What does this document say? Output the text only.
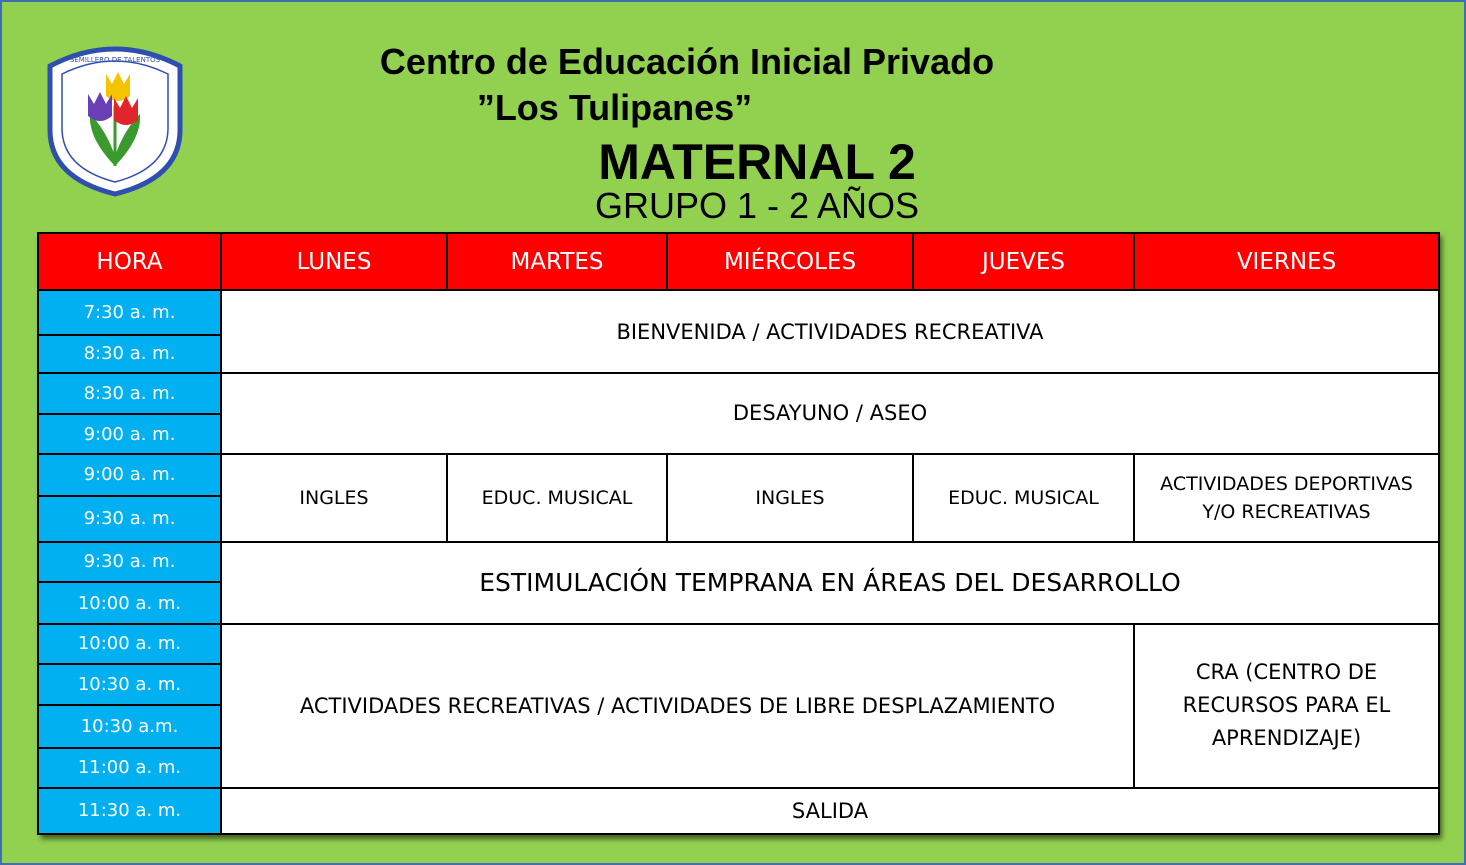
SEMILLERO DE TALENTOS	Centro de Educación Inicial Privado
”Los Tulipanes”
MATERNAL 2
GRUPO 1 - 2 AÑOS
HORA	LUNES	MARTES	MIÉRCOLES	JUEVES	VIERNES
7:30 a. m.	BIENVENIDA / ACTIVIDADES RECREATIVA				
8:30 a. m.					
8:30 a. m.	DESAYUNO / ASEO				
9:00 a. m.					
9:00 a. m.	INGLES	EDUC. MUSICAL	INGLES	EDUC. MUSICAL	ACTIVIDADES DEPORTIVAS Y/O RECREATIVAS
9:30 a. m.					
9:30 a. m.	ESTIMULACIÓN TEMPRANA EN ÁREAS DEL DESARROLLO				
10:00 a. m.					
10:00 a. m.	ACTIVIDADES RECREATIVAS / ACTIVIDADES DE LIBRE DESPLAZAMIENTO				CRA (CENTRO DE RECURSOS PARA EL APRENDIZAJE)
10:30 a. m.					
10:30 a.m.					
11:00 a. m.					
11:30 a. m.	SALIDA				
